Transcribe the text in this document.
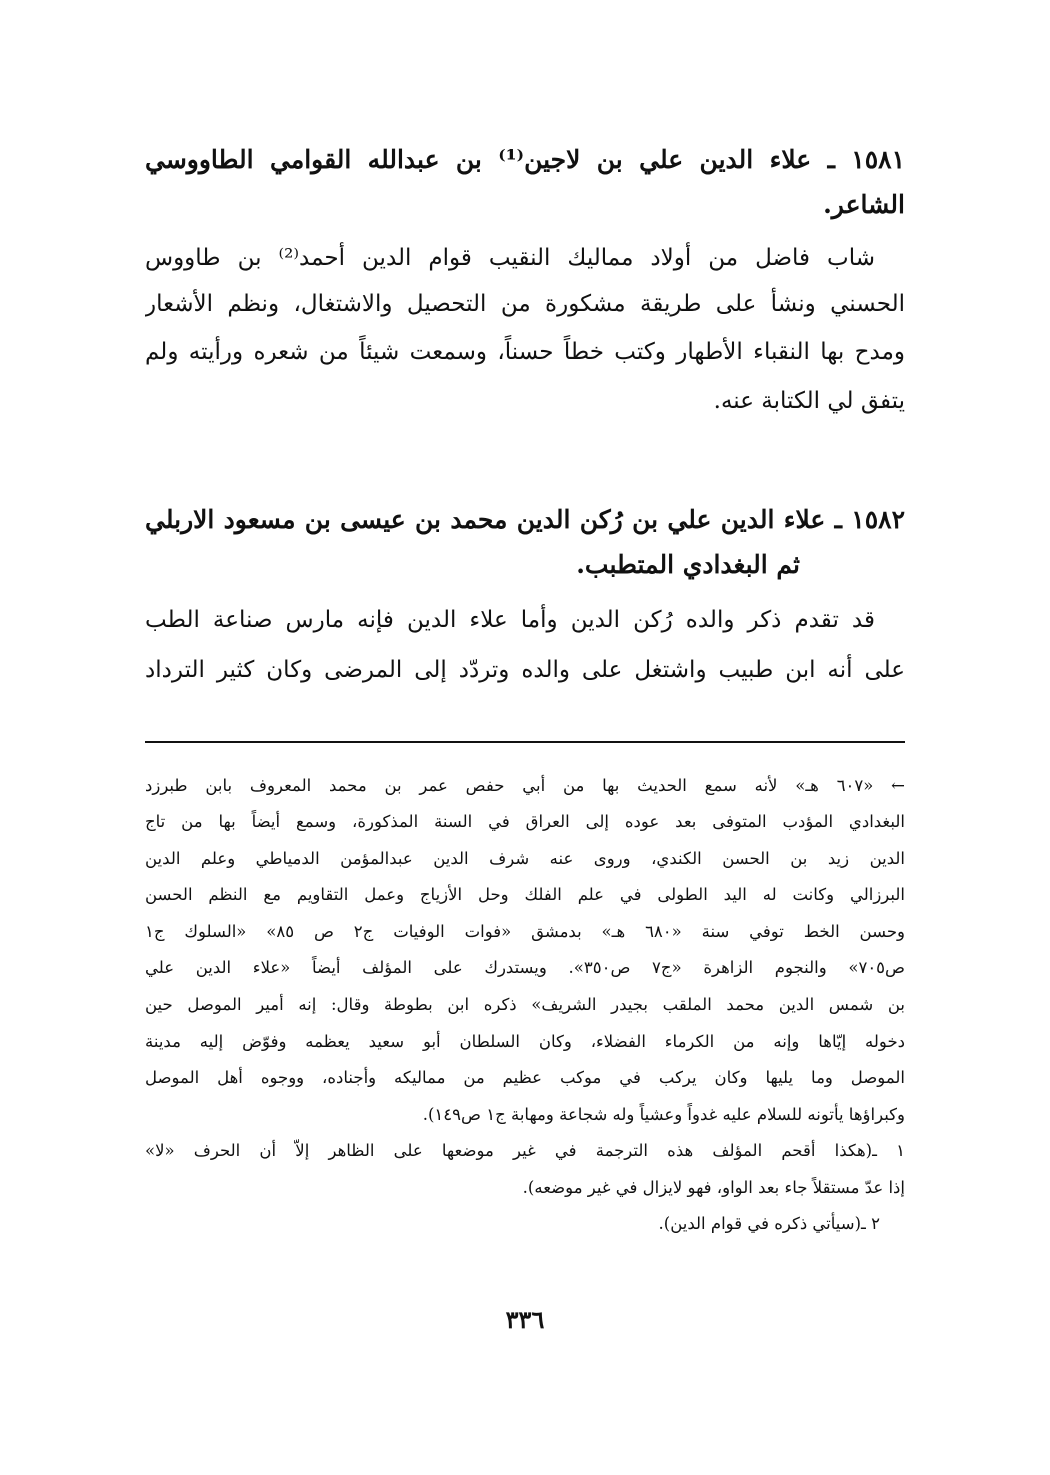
١٥٨١ ـ علاء الدين علي بن لاجين⁽¹⁾ بن عبدالله القوامي الطاووسي
الشاعر.
شاب فاضل من أولاد مماليك النقيب قوام الدين أحمد⁽²⁾ بن طاووس
الحسني ونشأ على طريقة مشكورة من التحصيل والاشتغال، ونظم الأشعار
ومدح بها النقباء الأطهار وكتب خطاً حسناً، وسمعت شيئاً من شعره ورأيته ولم
يتفق لي الكتابة عنه.
١٥٨٢ ـ علاء الدين علي بن رُكن الدين محمد بن عيسى بن مسعود الاربلي
ثم البغدادي المتطبب.
قد تقدم ذكر والده رُكن الدين وأما علاء الدين فإنه مارس صناعة الطب
على أنه ابن طبيب واشتغل على والده وتردّد إلى المرضى وكان كثير الترداد
← «٦٠٧ هـ» لأنه سمع الحديث بها من أبي حفص عمر بن محمد المعروف بابن طبرزد
البغدادي المؤدب المتوفى بعد عوده إلى العراق في السنة المذكورة، وسمع أيضاً بها من تاج
الدين زيد بن الحسن الكندي، وروى عنه شرف الدين عبدالمؤمن الدمياطي وعلم الدين
البرزالي وكانت له اليد الطولى في علم الفلك وحل الأزياج وعمل التقاويم مع النظم الحسن
وحسن الخط توفي سنة «٦٨٠ هـ» بدمشق «فوات الوفيات ج٢ ص ٨٥» «السلوك ج١
ص٧٠٥» والنجوم الزاهرة «ج٧ ص٣٥٠». ويستدرك على المؤلف أيضاً «علاء الدين علي
بن شمس الدين محمد الملقب بجيدر الشريف» ذكره ابن بطوطة وقال: إنه أمير الموصل حين
دخوله إيّاها وإنه من الكرماء الفضلاء، وكان السلطان أبو سعيد يعظمه وفوّض إليه مدينة
الموصل وما يليها وكان يركب في موكب عظيم من مماليكه وأجناده، ووجوه أهل الموصل
وكبراؤها يأتونه للسلام عليه غدواً وعشياً وله شجاعة ومهابة ج١ ص١٤٩).
١ ـ(هكذا أقحم المؤلف هذه الترجمة في غير موضعها على الظاهر إلاّ أن الحرف «لا»
إذا عدّ مستقلاً جاء بعد الواو، فهو لايزال في غير موضعه).
٢ ـ(سيأتي ذكره في قوام الدين).
٣٣٦
